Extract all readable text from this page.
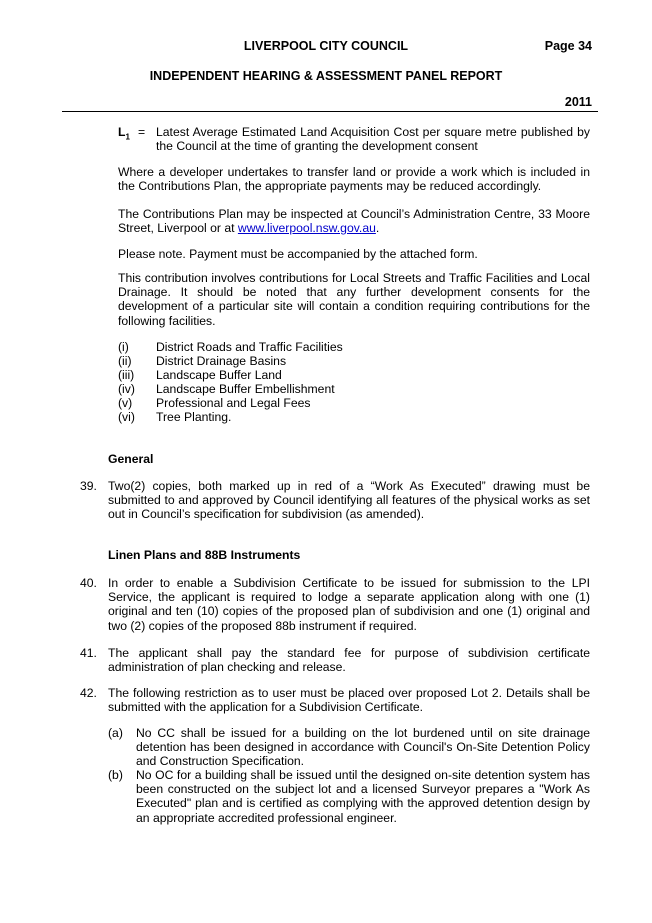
LIVERPOOL CITY COUNCIL	Page 34
INDEPENDENT HEARING & ASSESSMENT PANEL REPORT
2011
$L_1$ = Latest Average Estimated Land Acquisition Cost per square metre published by the Council at the time of granting the development consent
Where a developer undertakes to transfer land or provide a work which is included in the Contributions Plan, the appropriate payments may be reduced accordingly.
The Contributions Plan may be inspected at Council’s Administration Centre, 33 Moore Street, Liverpool or at www.liverpool.nsw.gov.au.
Please note. Payment must be accompanied by the attached form.
This contribution involves contributions for Local Streets and Traffic Facilities and Local Drainage. It should be noted that any further development consents for the development of a particular site will contain a condition requiring contributions for the following facilities.
(i) District Roads and Traffic Facilities
(ii) District Drainage Basins
(iii) Landscape Buffer Land
(iv) Landscape Buffer Embellishment
(v) Professional and Legal Fees
(vi) Tree Planting.
General
39. Two(2) copies, both marked up in red of a “Work As Executed” drawing must be submitted to and approved by Council identifying all features of the physical works as set out in Council’s specification for subdivision (as amended).
Linen Plans and 88B Instruments
40. In order to enable a Subdivision Certificate to be issued for submission to the LPI Service, the applicant is required to lodge a separate application along with one (1) original and ten (10) copies of the proposed plan of subdivision and one (1) original and two (2) copies of the proposed 88b instrument if required.
41. The applicant shall pay the standard fee for purpose of subdivision certificate administration of plan checking and release.
42. The following restriction as to user must be placed over proposed Lot 2. Details shall be submitted with the application for a Subdivision Certificate.
(a) No CC shall be issued for a building on the lot burdened until on site drainage detention has been designed in accordance with Council's On-Site Detention Policy and Construction Specification.
(b) No OC for a building shall be issued until the designed on-site detention system has been constructed on the subject lot and a licensed Surveyor prepares a "Work As Executed" plan and is certified as complying with the approved detention design by an appropriate accredited professional engineer.
